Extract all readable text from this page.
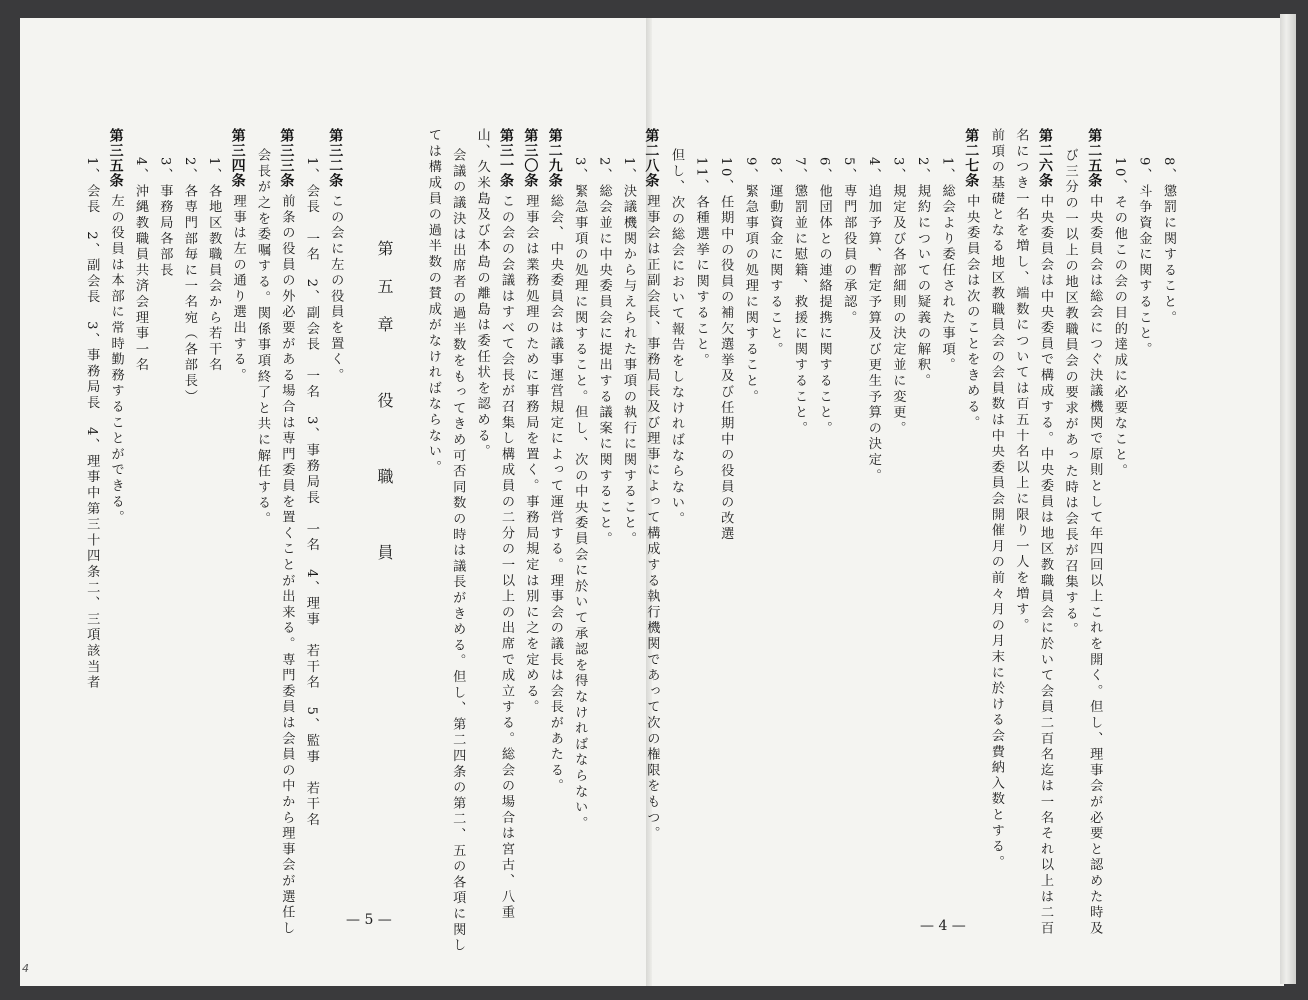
8、懲罰に関すること。
9、斗争資金に関すること。
10、その他この会の目的達成に必要なこと。
第二五条
中央委員会は総会につぐ決議機関で原則として年四回以上これを開く。但し、理事会が必要と認めた時及
び三分の一以上の地区教職員会の要求があった時は会長が召集する。
第二六条
中央委員会は中央委員で構成する。中央委員は地区教職員会に於いて会員二百名迄は一名それ以上は二百
名につき一名を増し、端数については百五十名以上に限り一人を増す。
前項の基礎となる地区教職員会の会員数は中央委員会開催月の前々月の月末に於ける会費納入数とする。
第二七条
中央委員会は次のことをきめる。
1、総会より委任された事項。
2、規約についての疑義の解釈。
3、規定及び各部細則の決定並に変更。
4、追加予算、暫定予算及び更生予算の決定。
5、専門部役員の承認。
6、他団体との連絡提携に関すること。
7、懲罰並に慰籍、救援に関すること。
8、運動資金に関すること。
9、緊急事項の処理に関すること。
10、任期中の役員の補欠選挙及び任期中の役員の改選
11、各種選挙に関すること。
但し、次の総会において報告をしなければならない。
第二八条
理事会は正副会長、事務局長及び理事によって構成する執行機関であって次の権限をもつ。
1、決議機関から与えられた事項の執行に関すること。
2、総会並に中央委員会に提出する議案に関すること。
3、緊急事項の処理に関すること。但し、次の中央委員会に於いて承認を得なければならない。
第二九条
総会、中央委員会は議事運営規定によって運営する。理事会の議長は会長があたる。
第三〇条
理事会は業務処理のために事務局を置く。事務局規定は別に之を定める。
第三一条
この会の会議はすべて会長が召集し構成員の二分の一以上の出席で成立する。総会の場合は宮古、八重
山、久米島及び本島の離島は委任状を認める。
会議の議決は出席者の過半数をもってきめ可否同数の時は議長がきめる。但し、第二四条の第二、五の各項に関し
ては構成員の過半数の賛成がなければならない。
第五章　役　職　員
第三二条
この会に左の役員を置く。
1、会長　一名　2、副会長　一名　3、事務局長　一名　4、理事　若干名　5、監事　若干名
第三三条
前条の役員の外必要がある場合は専門委員を置くことが出来る。専門委員は会員の中から理事会が選任し
会長が之を委嘱する。関係事項終了と共に解任する。
第三四条
理事は左の通り選出する。
1、各地区教職員会から若干名
2、各専門部毎に一名宛（各部長）
3、事務局各部長
4、沖縄教職員共済会理事一名
第三五条
左の役員は本部に常時勤務することができる。
1、会長　2、副会長　3、事務局長　4、理事中第三十四条二、三項該当者
— 4 —
— 5 —
4
